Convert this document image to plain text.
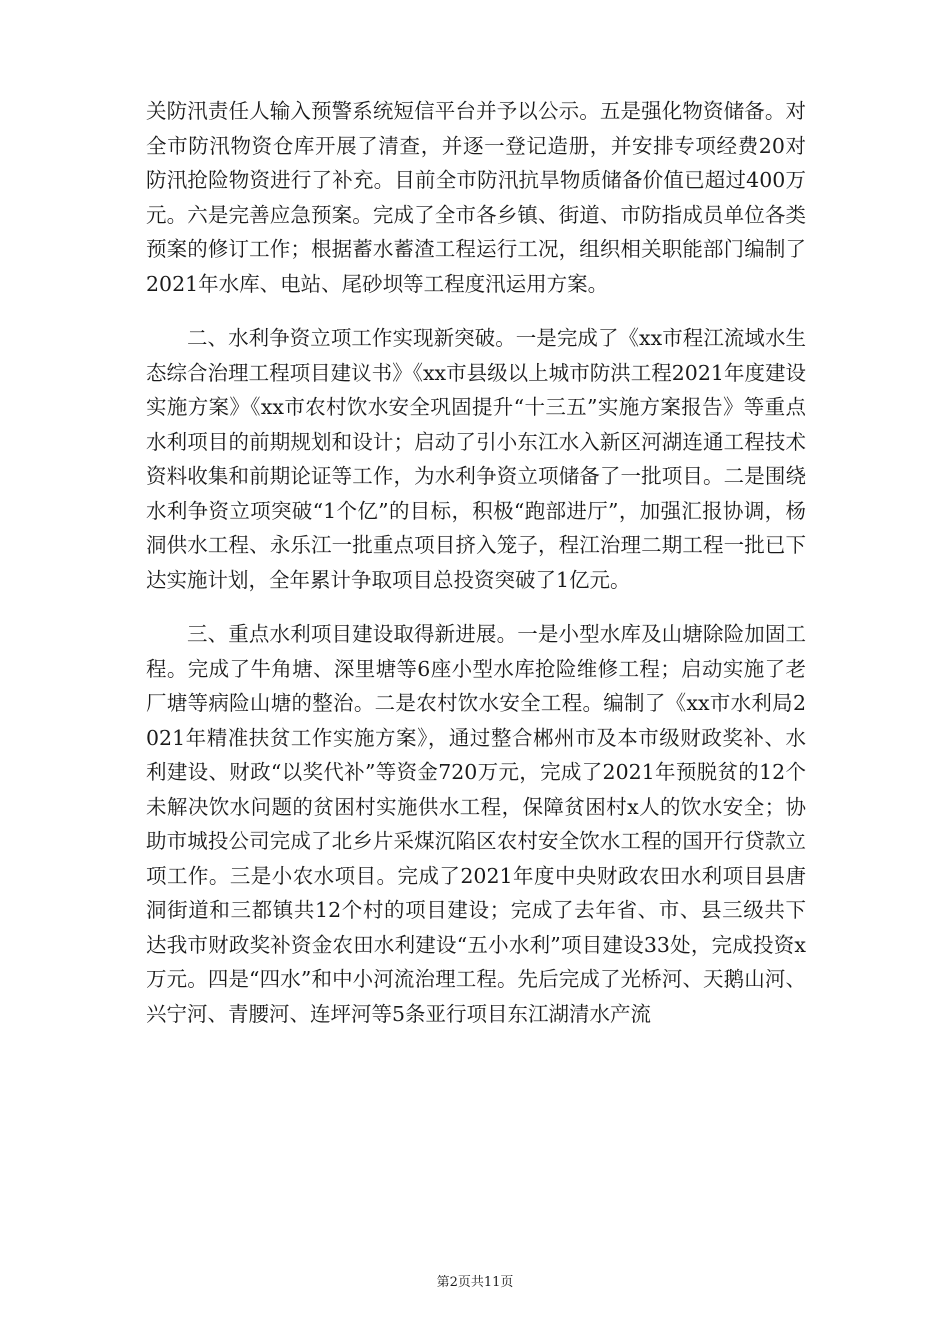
关防汛责任人输入预警系统短信平台并予以公示。五是强化物资储备。对全市防汛物资仓库开展了清查，并逐一登记造册，并安排专项经费20对防汛抢险物资进行了补充。目前全市防汛抗旱物质储备价值已超过400万元。六是完善应急预案。完成了全市各乡镇、街道、市防指成员单位各类预案的修订工作；根据蓄水蓄渣工程运行工况，组织相关职能部门编制了2021年水库、电站、尾砂坝等工程度汛运用方案。

二、水利争资立项工作实现新突破。一是完成了《xx市程江流域水生态综合治理工程项目建议书》《xx市县级以上城市防洪工程2021年度建设实施方案》《xx市农村饮水安全巩固提升“十三五”实施方案报告》等重点水利项目的前期规划和设计；启动了引小东江水入新区河湖连通工程技术资料收集和前期论证等工作，为水利争资立项储备了一批项目。二是围绕水利争资立项突破“1个亿”的目标，积极“跑部进厅”，加强汇报协调，杨洞供水工程、永乐江一批重点项目挤入笼子，程江治理二期工程一批已下达实施计划，全年累计争取项目总投资突破了1亿元。

三、重点水利项目建设取得新进展。一是小型水库及山塘除险加固工程。完成了牛角塘、深里塘等6座小型水库抢险维修工程；启动实施了老厂塘等病险山塘的整治。二是农村饮水安全工程。编制了《xx市水利局2021年精准扶贫工作实施方案》，通过整合郴州市及本市级财政奖补、水利建设、财政“以奖代补”等资金720万元，完成了2021年预脱贫的12个未解决饮水问题的贫困村实施供水工程，保障贫困村x人的饮水安全；协助市城投公司完成了北乡片采煤沉陷区农村安全饮水工程的国开行贷款立项工作。三是小农水项目。完成了2021年度中央财政农田水利项目县唐洞街道和三都镇共12个村的项目建设；完成了去年省、市、县三级共下达我市财政奖补资金农田水利建设“五小水利”项目建设33处，完成投资x万元。四是“四水”和中小河流治理工程。先后完成了光桥河、天鹅山河、兴宁河、青腰河、连坪河等5条亚行项目东江湖清水产流

第2页共11页
